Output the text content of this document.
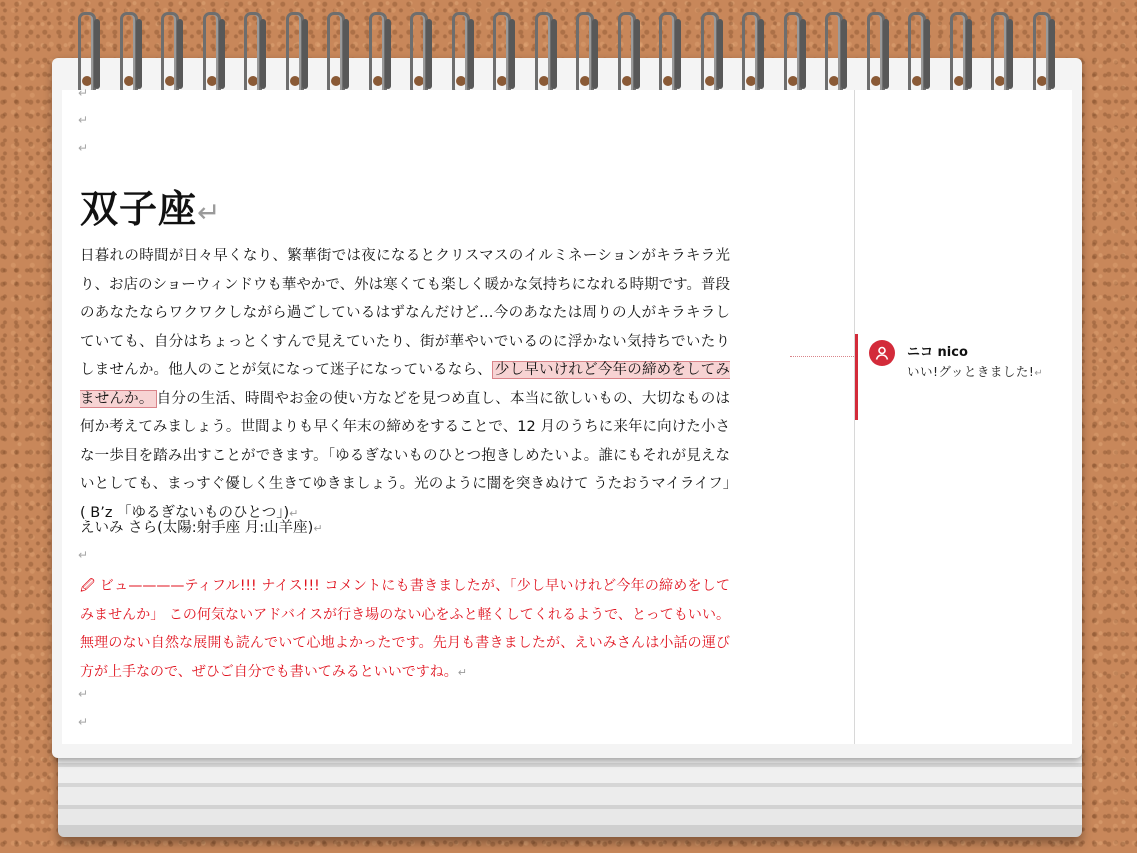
↵
↵
↵
双子座↵
日暮れの時間が日々早くなり、繁華街では夜になるとクリスマスのイルミネーションがキラキラ光り、お店のショーウィンドウも華やかで、外は寒くても楽しく暖かな気持ちになれる時期です。普段のあなたならワクワクしながら過ごしているはずなんだけど…今のあなたは周りの人がキラキラしていても、自分はちょっとくすんで見えていたり、街が華やいでいるのに浮かない気持ちでいたりしませんか。他人のことが気になって迷子になっているなら、 少し早いけれど今年の締めをしてみませんか。 自分の生活、時間やお金の使い方などを見つめ直し、本当に欲しいもの、大切なものは何か考えてみましょう。世間よりも早く年末の締めをすることで、12 月のうちに来年に向けた小さな一歩目を踏み出すことができます。「ゆるぎないものひとつ抱きしめたいよ。誰にもそれが見えないとしても、まっすぐ優しく生きてゆきましょう。光のように闇を突きぬけて うたおうマイライフ」( B’z 「ゆるぎないものひとつ」)↵
えいみ さら(太陽:射手座 月:山羊座)↵
↵
🖉 ビュ————ティフル!!! ナイス!!! コメントにも書きましたが、「少し早いけれど今年の締めをしてみませんか」 この何気ないアドバイスが行き場のない心をふと軽くしてくれるようで、とってもいい。無理のない自然な展開も読んでいて心地よかったです。先月も書きましたが、えいみさんは小話の運び方が上手なので、ぜひご自分でも書いてみるといいですね。↵
↵
↵
ニコ nico
いい!グッときました!↵
